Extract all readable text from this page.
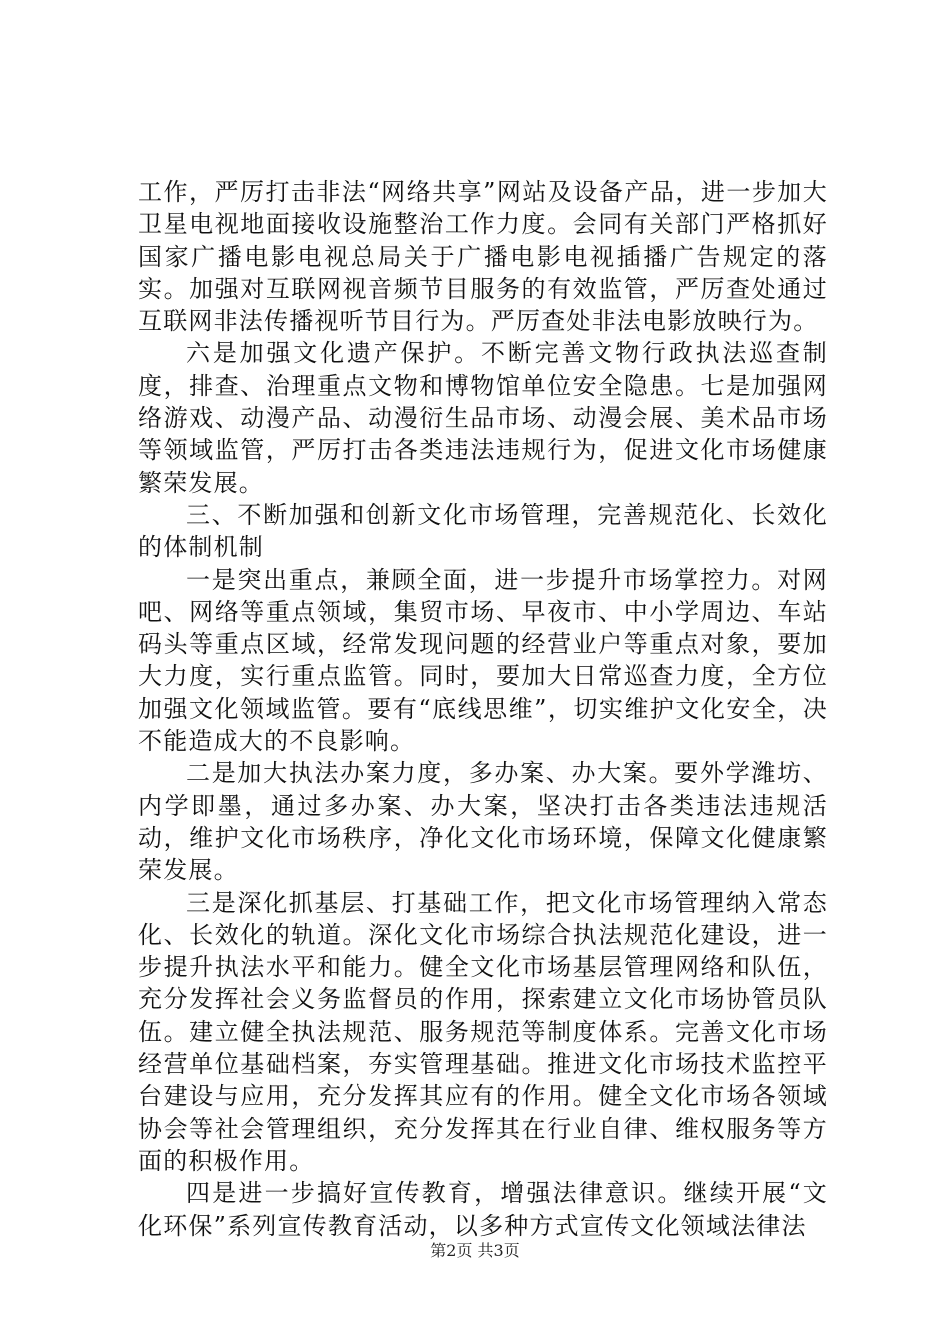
工作，严厉打击非法“网络共享”网站及设备产品，进一步加大卫星电视地面接收设施整治工作力度。会同有关部门严格抓好国家广播电影电视总局关于广播电影电视插播广告规定的落实。加强对互联网视音频节目服务的有效监管，严厉查处通过互联网非法传播视听节目行为。严厉查处非法电影放映行为。

六是加强文化遗产保护。不断完善文物行政执法巡查制度，排查、治理重点文物和博物馆单位安全隐患。七是加强网络游戏、动漫产品、动漫衍生品市场、动漫会展、美术品市场等领域监管，严厉打击各类违法违规行为，促进文化市场健康繁荣发展。

三、不断加强和创新文化市场管理，完善规范化、长效化的体制机制

一是突出重点，兼顾全面，进一步提升市场掌控力。对网吧、网络等重点领域，集贸市场、早夜市、中小学周边、车站码头等重点区域，经常发现问题的经营业户等重点对象，要加大力度，实行重点监管。同时，要加大日常巡查力度，全方位加强文化领域监管。要有“底线思维”，切实维护文化安全，决不能造成大的不良影响。

二是加大执法办案力度，多办案、办大案。要外学潍坊、内学即墨，通过多办案、办大案，坚决打击各类违法违规活动，维护文化市场秩序，净化文化市场环境，保障文化健康繁荣发展。

三是深化抓基层、打基础工作，把文化市场管理纳入常态化、长效化的轨道。深化文化市场综合执法规范化建设，进一步提升执法水平和能力。健全文化市场基层管理网络和队伍，充分发挥社会义务监督员的作用，探索建立文化市场协管员队伍。建立健全执法规范、服务规范等制度体系。完善文化市场经营单位基础档案，夯实管理基础。推进文化市场技术监控平台建设与应用，充分发挥其应有的作用。健全文化市场各领域协会等社会管理组织，充分发挥其在行业自律、维权服务等方面的积极作用。

四是进一步搞好宣传教育，增强法律意识。继续开展“文化环保”系列宣传教育活动，以多种方式宣传文化领域法律法

第2页 共3页
